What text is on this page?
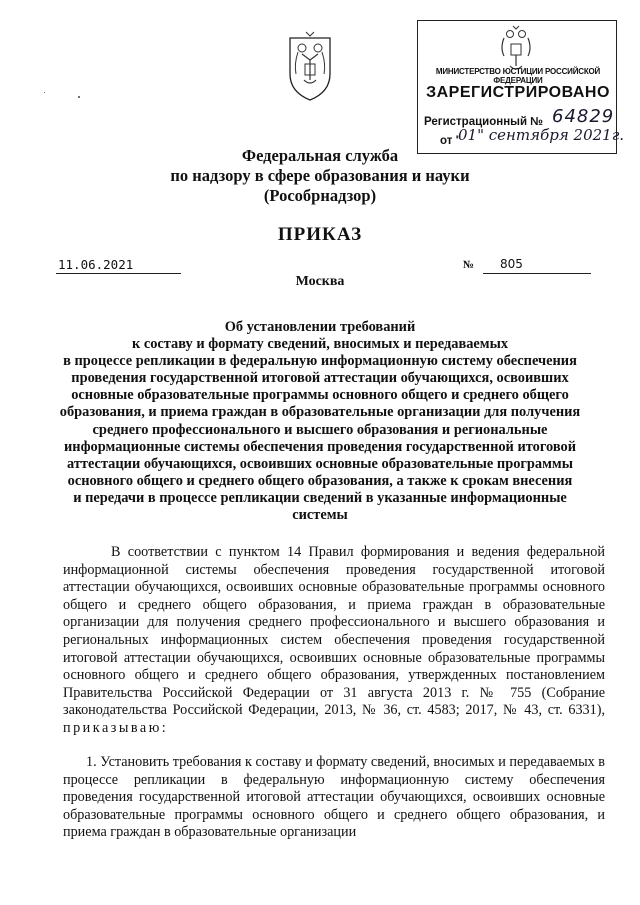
МИНИСТЕРСТВО ЮСТИЦИИ РОССИЙСКОЙ ФЕДЕРАЦИИ
ЗАРЕГИСТРИРОВАНО
Регистрационный № 64829
от "
01" сентября 2021г.
Федеральная служба
по надзору в сфере образования и науки
(Рособрнадзор)
ПРИКАЗ
11.06.2021	№ 805
Москва
Об установлении требований
к составу и формату сведений, вносимых и передаваемых
в процессе репликации в федеральную информационную систему обеспечения
проведения государственной итоговой аттестации обучающихся, освоивших
основные образовательные программы основного общего и среднего общего
образования, и приема граждан в образовательные организации для получения
среднего профессионального и высшего образования и региональные
информационные системы обеспечения проведения государственной итоговой
аттестации обучающихся, освоивших основные образовательные программы
основного общего и среднего общего образования, а также к срокам внесения
и передачи в процессе репликации сведений в указанные информационные
системы
В соответствии с пунктом 14 Правил формирования и ведения федеральной информационной системы обеспечения проведения государственной итоговой аттестации обучающихся, освоивших основные образовательные программы основного общего и среднего общего образования, и приема граждан в образовательные организации для получения среднего профессионального и высшего образования и региональных информационных систем обеспечения проведения государственной итоговой аттестации обучающихся, освоивших основные образовательные программы основного общего и среднего общего образования, утвержденных постановлением Правительства Российской Федерации от 31 августа 2013 г. № 755 (Собрание законодательства Российской Федерации, 2013, № 36, ст. 4583; 2017, № 43, ст. 6331), приказываю:
1. Установить требования к составу и формату сведений, вносимых и передаваемых в процессе репликации в федеральную информационную систему обеспечения проведения государственной итоговой аттестации обучающихся, освоивших основные образовательные программы основного общего и среднего общего образования, и приема граждан в образовательные организации
